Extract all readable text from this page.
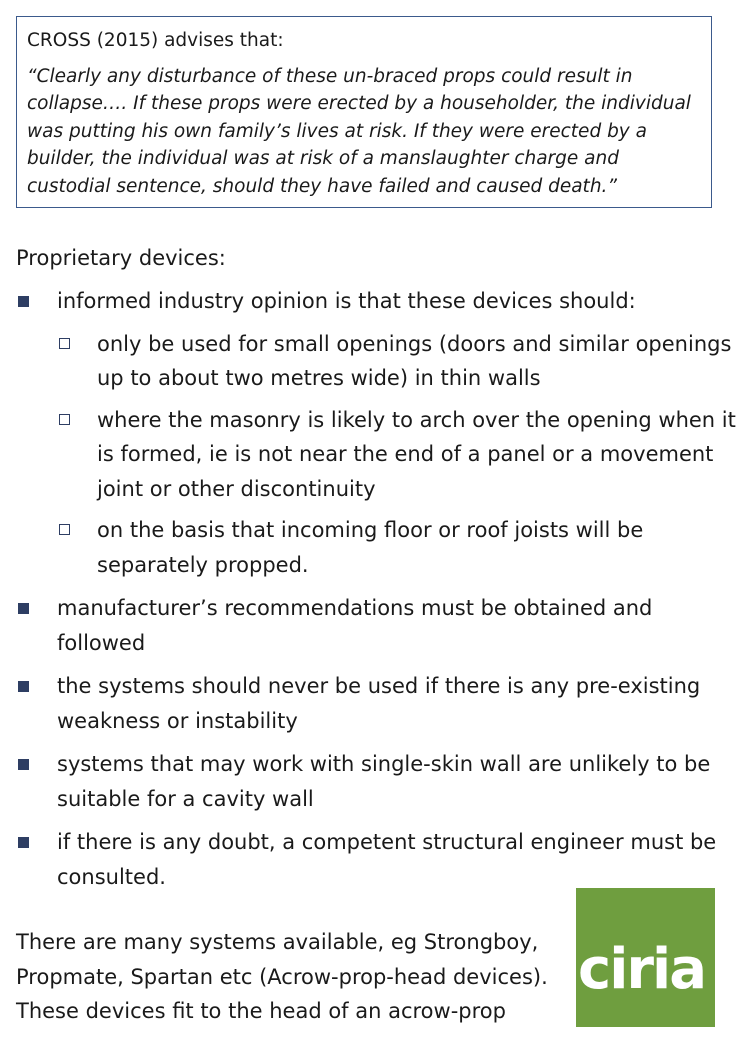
CROSS (2015) advises that:
“Clearly any disturbance of these un-braced props could result in collapse…. If these props were erected by a householder, the individual was putting his own family’s lives at risk. If they were erected by a builder, the individual was at risk of a manslaughter charge and custodial sentence, should they have failed and caused death.”
Proprietary devices:
informed industry opinion is that these devices should:
only be used for small openings (doors and similar openings up to about two metres wide) in thin walls
where the masonry is likely to arch over the opening when it is formed, ie is not near the end of a panel or a movement joint or other discontinuity
on the basis that incoming floor or roof joists will be separately propped.
manufacturer’s recommendations must be obtained and followed
the systems should never be used if there is any pre-existing weakness or instability
systems that may work with single-skin wall are unlikely to be suitable for a cavity wall
if there is any doubt, a competent structural engineer must be consulted.
There are many systems available, eg Strongboy, Propmate, Spartan etc (Acrow-prop-head devices). These devices fit to the head of an acrow-prop
ciria
